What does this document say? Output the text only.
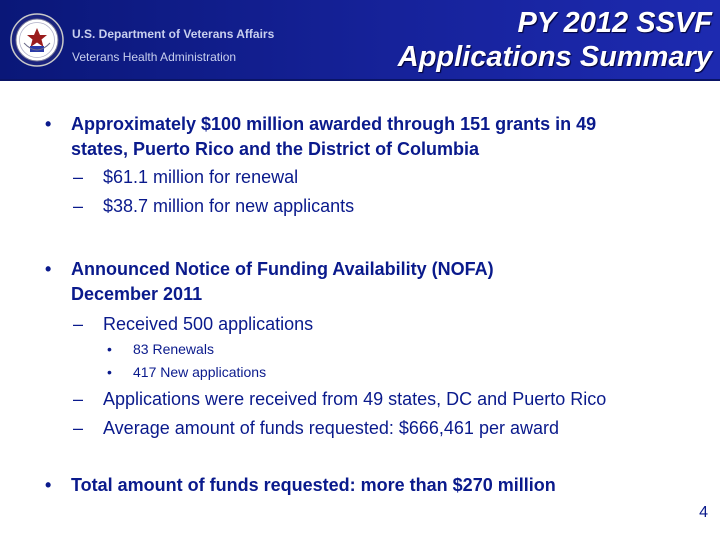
U.S. Department of Veterans Affairs
Veterans Health Administration
PY 2012 SSVF
Applications Summary
• Approximately $100 million awarded through 151 grants in 49
states, Puerto Rico and the District of Columbia
– $61.1 million for renewal
– $38.7 million for new applicants
• Announced Notice of Funding Availability (NOFA)
December 2011
– Received 500 applications
• 83 Renewals
• 417 New applications
– Applications were received from 49 states, DC and Puerto Rico
– Average amount of funds requested: $666,461 per award
• Total amount of funds requested: more than $270 million
4
